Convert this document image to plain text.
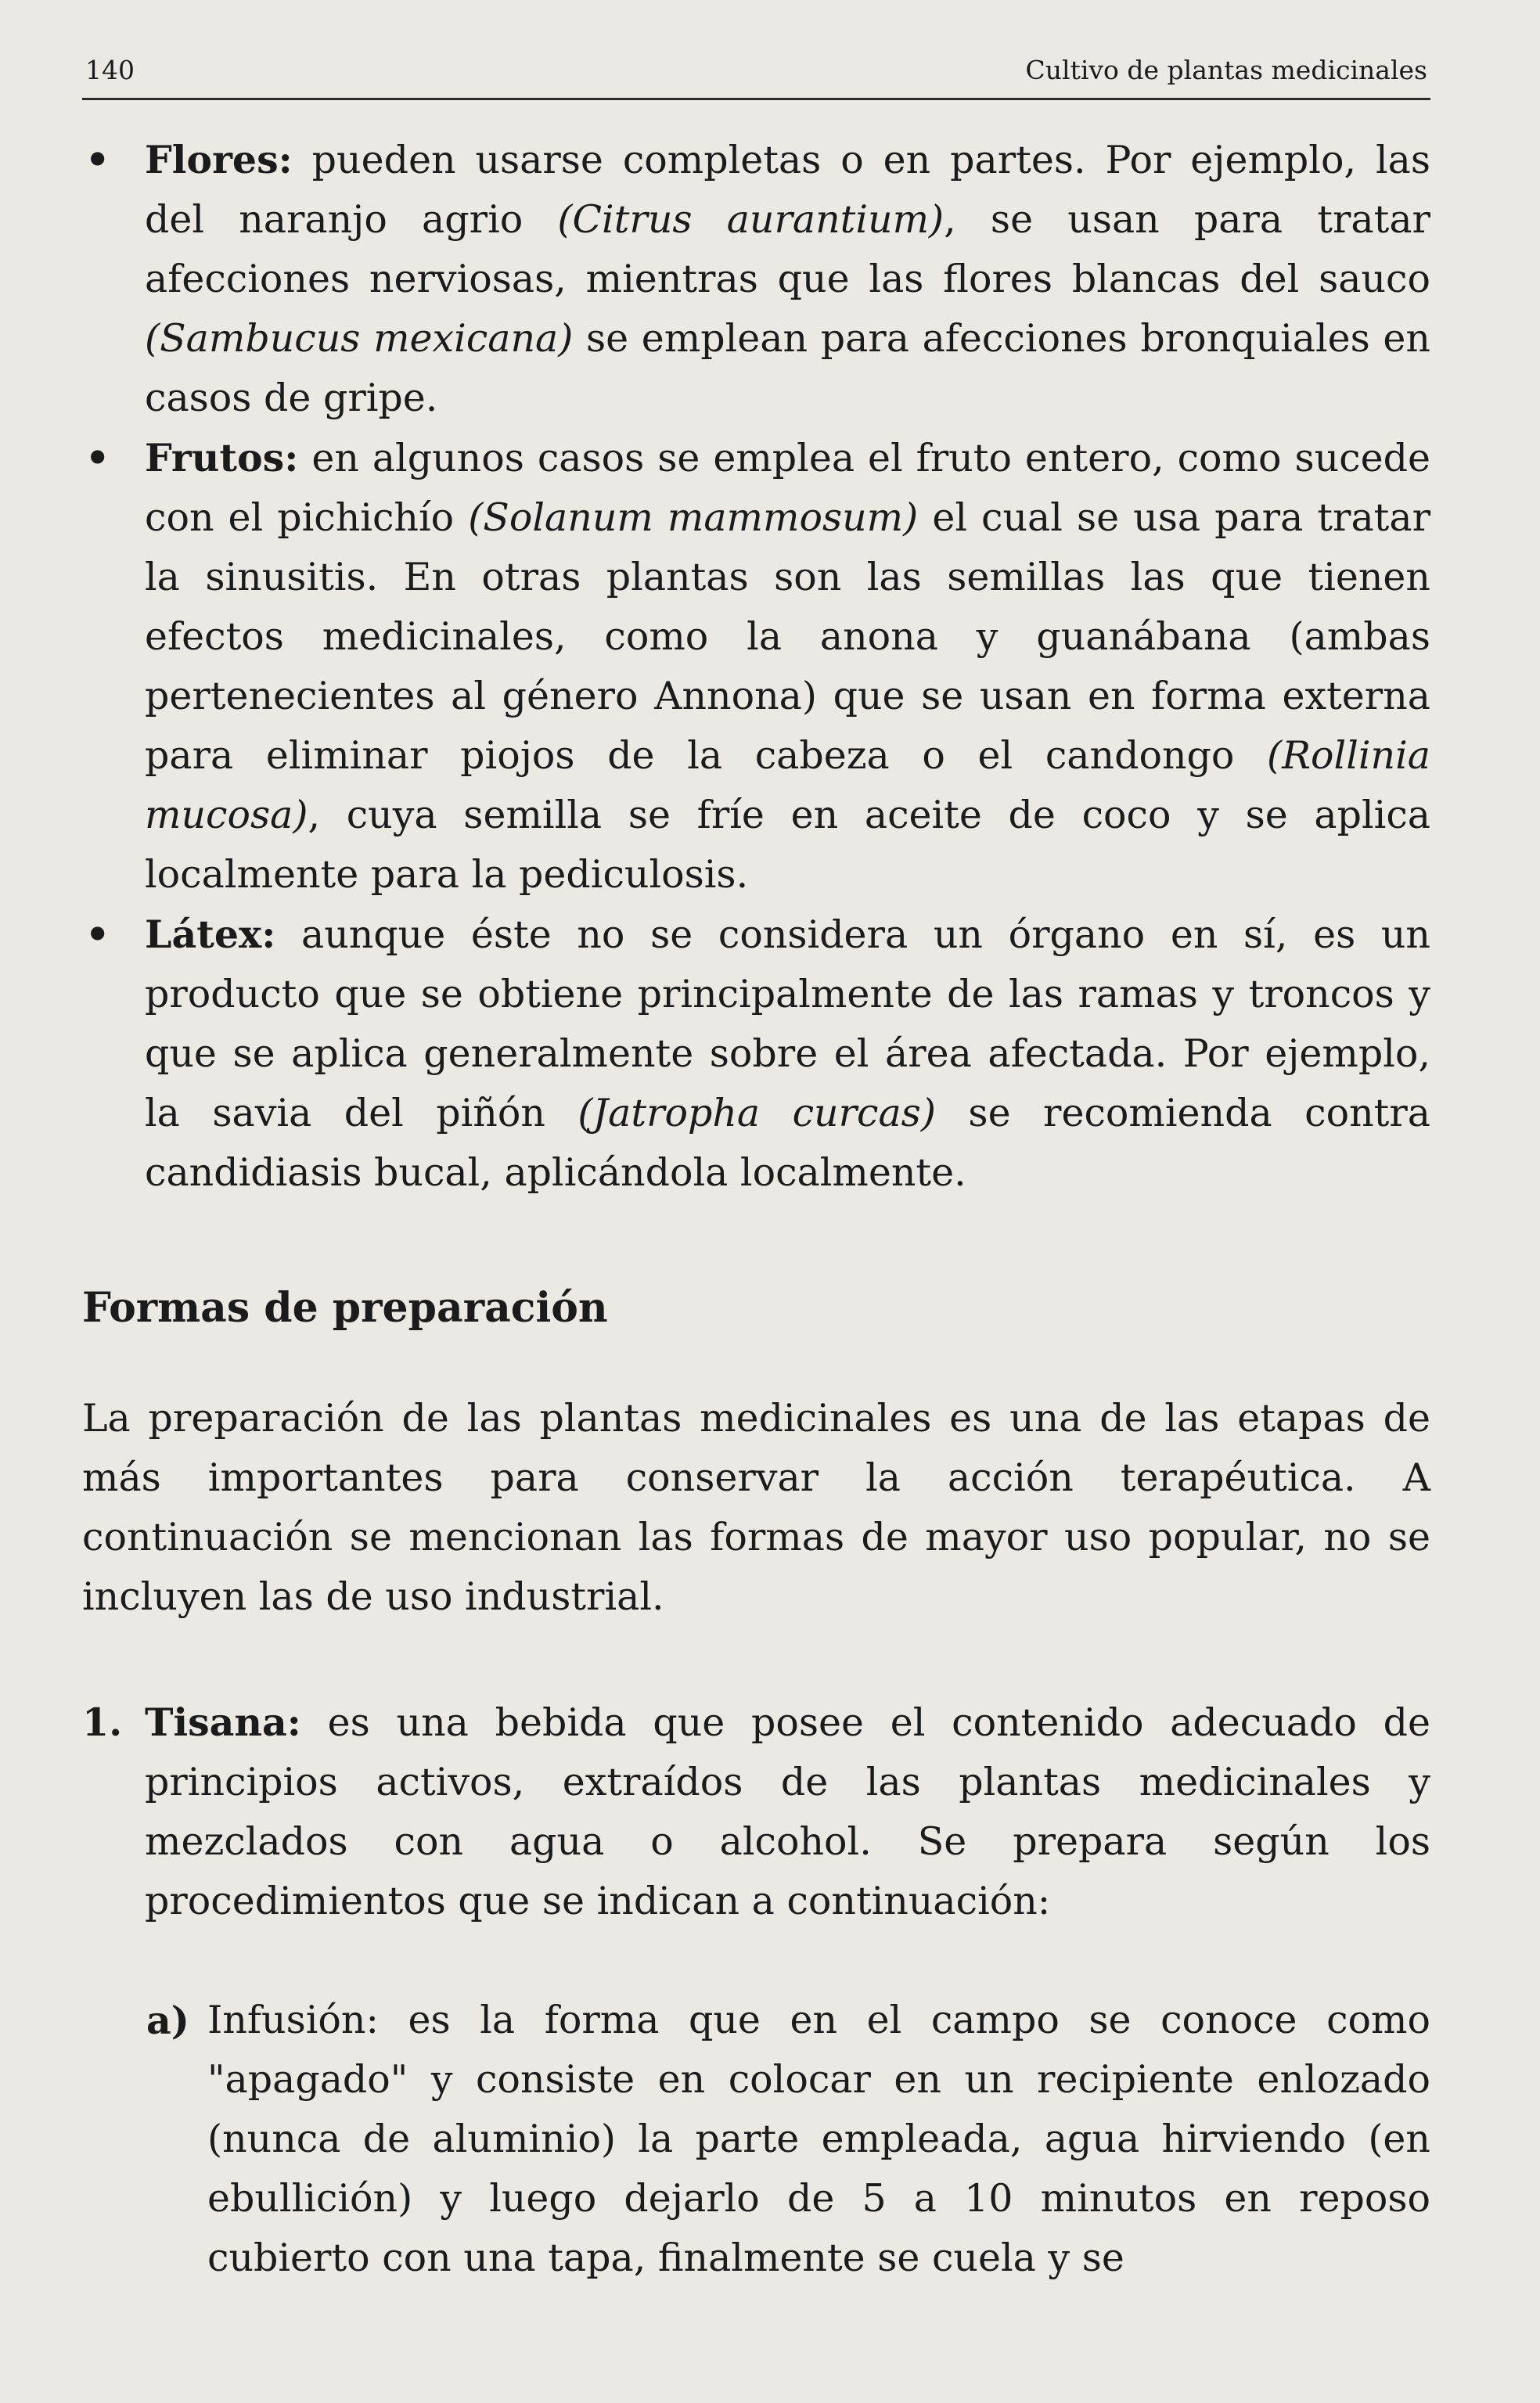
140	Cultivo de plantas medicinales
• Flores: pueden usarse completas o en partes. Por ejemplo, las del naranjo agrio (Citrus aurantium), se usan para tratar afecciones nerviosas, mientras que las flores blancas del sauco (Sambucus mexicana) se emplean para afecciones bronquiales en casos de gripe.
• Frutos: en algunos casos se emplea el fruto entero, como sucede con el pichichío (Solanum mammosum) el cual se usa para tratar la sinusitis. En otras plantas son las semillas las que tienen efectos medicinales, como la anona y guanábana (ambas pertenecientes al género Annona) que se usan en forma externa para eliminar piojos de la cabeza o el candongo (Rollinia mucosa), cuya semilla se fríe en aceite de coco y se aplica localmente para la pediculosis.
• Látex: aunque éste no se considera un órgano en sí, es un producto que se obtiene principalmente de las ramas y troncos y que se aplica generalmente sobre el área afectada. Por ejemplo, la savia del piñón (Jatropha curcas) se recomienda contra candidiasis bucal, aplicándola localmente.
Formas de preparación

La preparación de las plantas medicinales es una de las etapas de más importantes para conservar la acción terapéutica. A continuación se mencionan las formas de mayor uso popular, no se incluyen las de uso industrial.

1. Tisana: es una bebida que posee el contenido adecuado de principios activos, extraídos de las plantas medicinales y mezclados con agua o alcohol. Se prepara según los procedimientos que se indican a continuación:
a) Infusión: es la forma que en el campo se conoce como "apagado" y consiste en colocar en un recipiente enlozado (nunca de aluminio) la parte empleada, agua hirviendo (en ebullición) y luego dejarlo de 5 a 10 minutos en reposo cubierto con una tapa, finalmente se cuela y se
